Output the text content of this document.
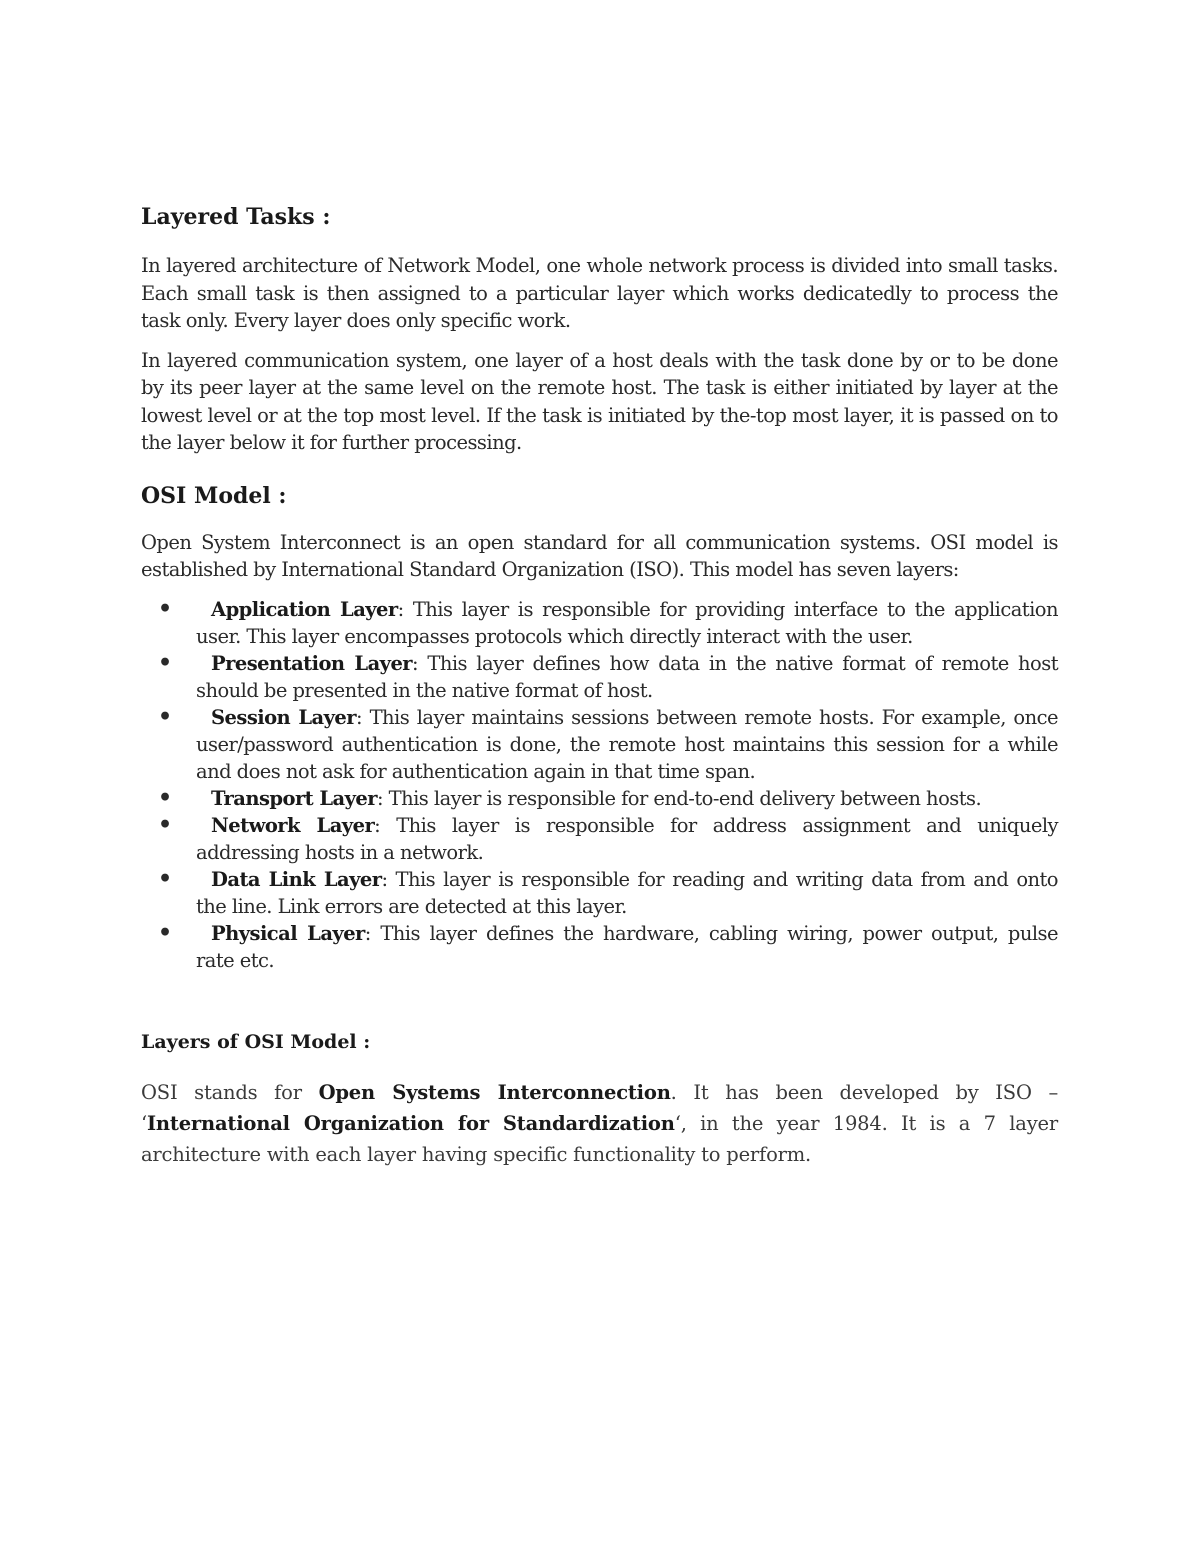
Layered Tasks :

In layered architecture of Network Model, one whole network process is divided into small tasks. Each small task is then assigned to a particular layer which works dedicatedly to process the task only. Every layer does only specific work.

In layered communication system, one layer of a host deals with the task done by or to be done by its peer layer at the same level on the remote host. The task is either initiated by layer at the lowest level or at the top most level. If the task is initiated by the-top most layer, it is passed on to the layer below it for further processing.

OSI Model :

Open System Interconnect is an open standard for all communication systems. OSI model is established by International Standard Organization (ISO). This model has seven layers:

• Application Layer: This layer is responsible for providing interface to the application user. This layer encompasses protocols which directly interact with the user.
• Presentation Layer: This layer defines how data in the native format of remote host should be presented in the native format of host.
• Session Layer: This layer maintains sessions between remote hosts. For example, once user/password authentication is done, the remote host maintains this session for a while and does not ask for authentication again in that time span.
• Transport Layer: This layer is responsible for end-to-end delivery between hosts.
• Network Layer: This layer is responsible for address assignment and uniquely addressing hosts in a network.
• Data Link Layer: This layer is responsible for reading and writing data from and onto the line. Link errors are detected at this layer.
• Physical Layer: This layer defines the hardware, cabling wiring, power output, pulse rate etc.
Layers of OSI Model :

OSI stands for Open Systems Interconnection. It has been developed by ISO – ‘International Organization for Standardization‘, in the year 1984. It is a 7 layer architecture with each layer having specific functionality to perform.
